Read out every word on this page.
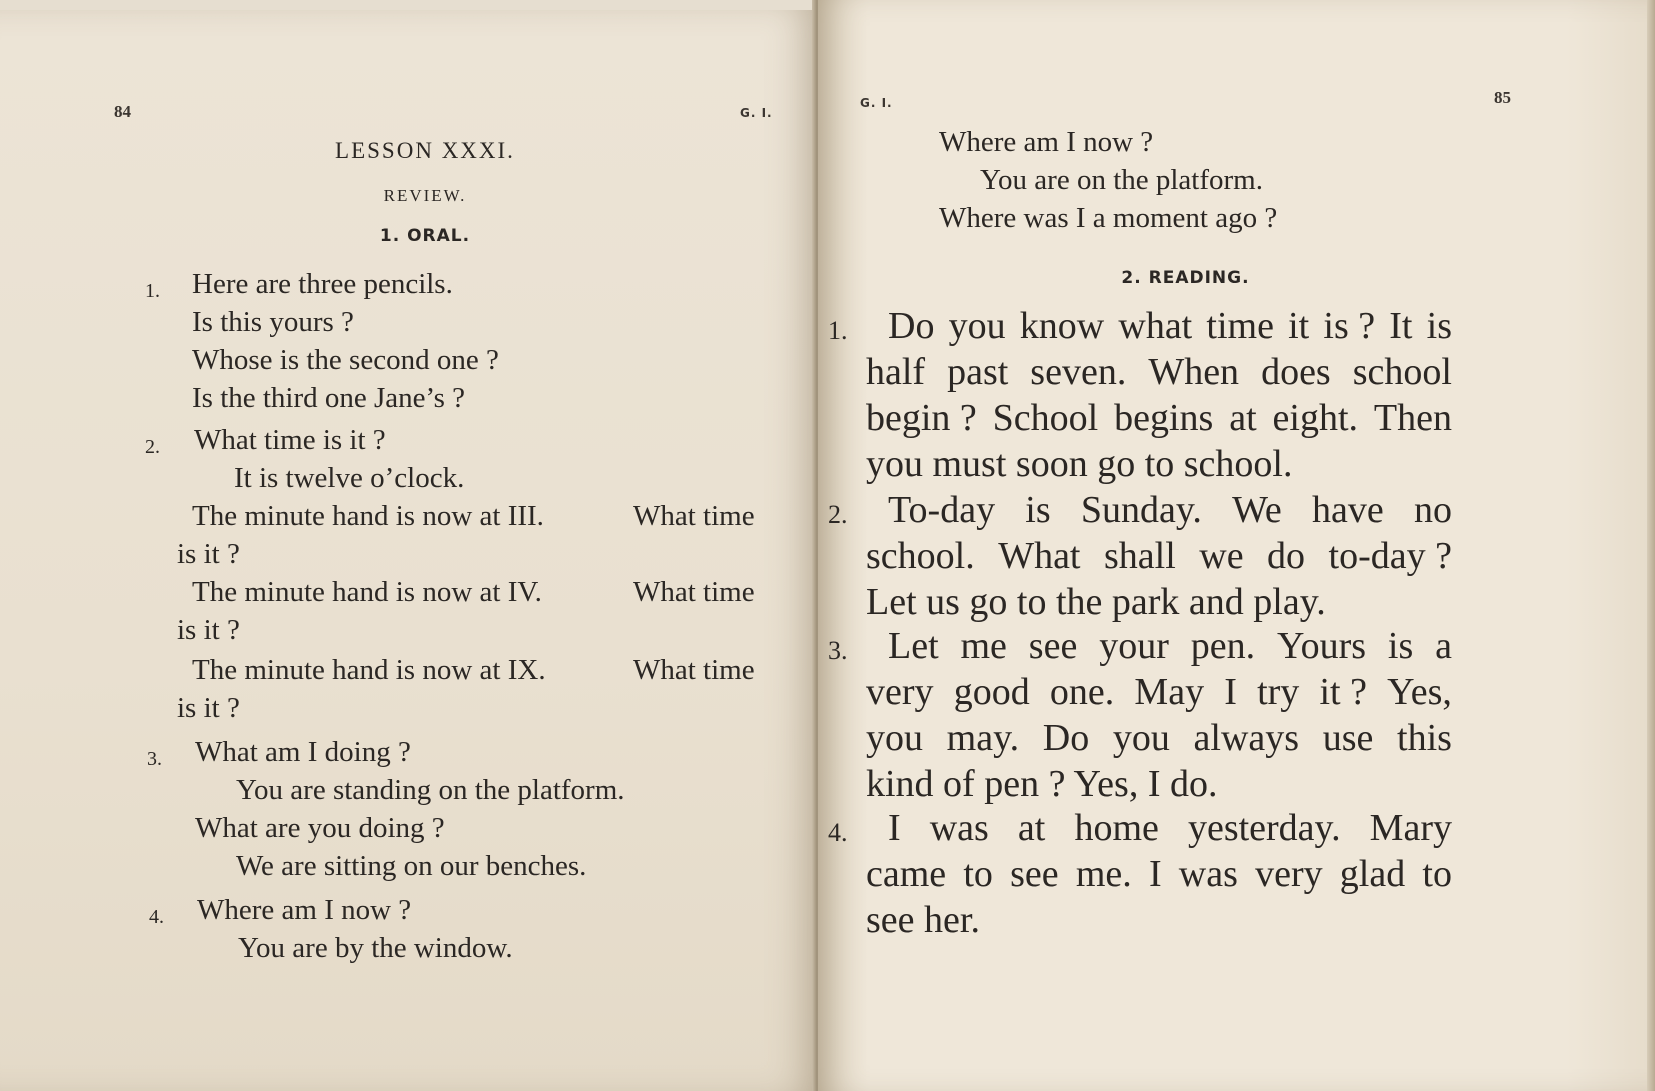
84	G. I.
LESSON XXXI.
REVIEW.
1. ORAL.
1. Here are three pencils.
Is this yours ?
Whose is the second one ?
Is the third one Jane’s ?
2. What time is it ?
It is twelve o’clock.
The minute hand is now at III.	What time
is it ?
The minute hand is now at IV.	What time
is it ?
The minute hand is now at IX.	What time
is it ?
3. What am I doing ?
You are standing on the platform.
What are you doing ?
We are sitting on our benches.
4. Where am I now ?
You are by the window.
G. I.	85
Where am I now ?
You are on the platform.
Where was I a moment ago ?
2. READING.
1. Do you know what time it is ? It is
half past seven. When does school
begin ? School begins at eight. Then
you must soon go to school.
2. To-day is Sunday. We have no
school. What shall we do to-day ?
Let us go to the park and play.
3. Let me see your pen. Yours is a
very good one. May I try it ? Yes,
you may. Do you always use this
kind of pen ? Yes, I do.
4. I was at home yesterday. Mary
came to see me. I was very glad to
see her.
